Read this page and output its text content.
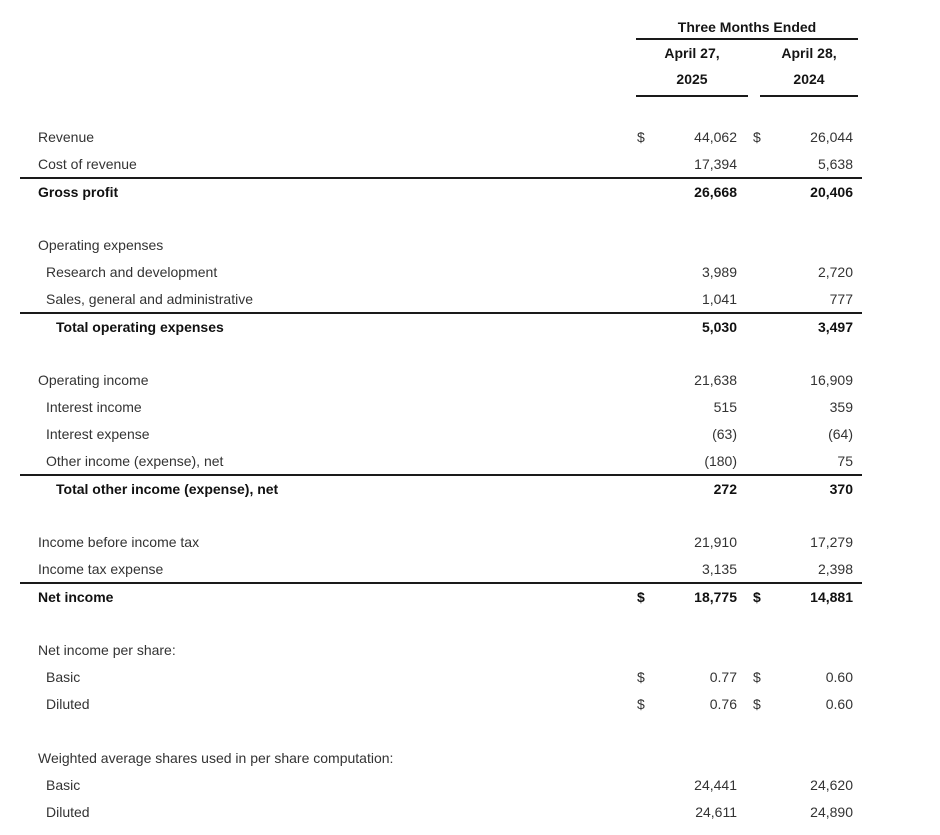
Three Months Ended
April 27,
2025
April 28,
2024
Revenue	$	44,062	$	26,044
Cost of revenue	17,394	5,638
Gross profit	26,668	20,406
Operating expenses
Research and development	3,989	2,720
Sales, general and administrative	1,041	777
Total operating expenses	5,030	3,497
Operating income	21,638	16,909
Interest income	515	359
Interest expense	(63)	(64)
Other income (expense), net	(180)	75
Total other income (expense), net	272	370
Income before income tax	21,910	17,279
Income tax expense	3,135	2,398
Net income	$	18,775	$	14,881
Net income per share:
Basic	$	0.77	$	0.60
Diluted	$	0.76	$	0.60
Weighted average shares used in per share computation:
Basic	24,441	24,620
Diluted	24,611	24,890
